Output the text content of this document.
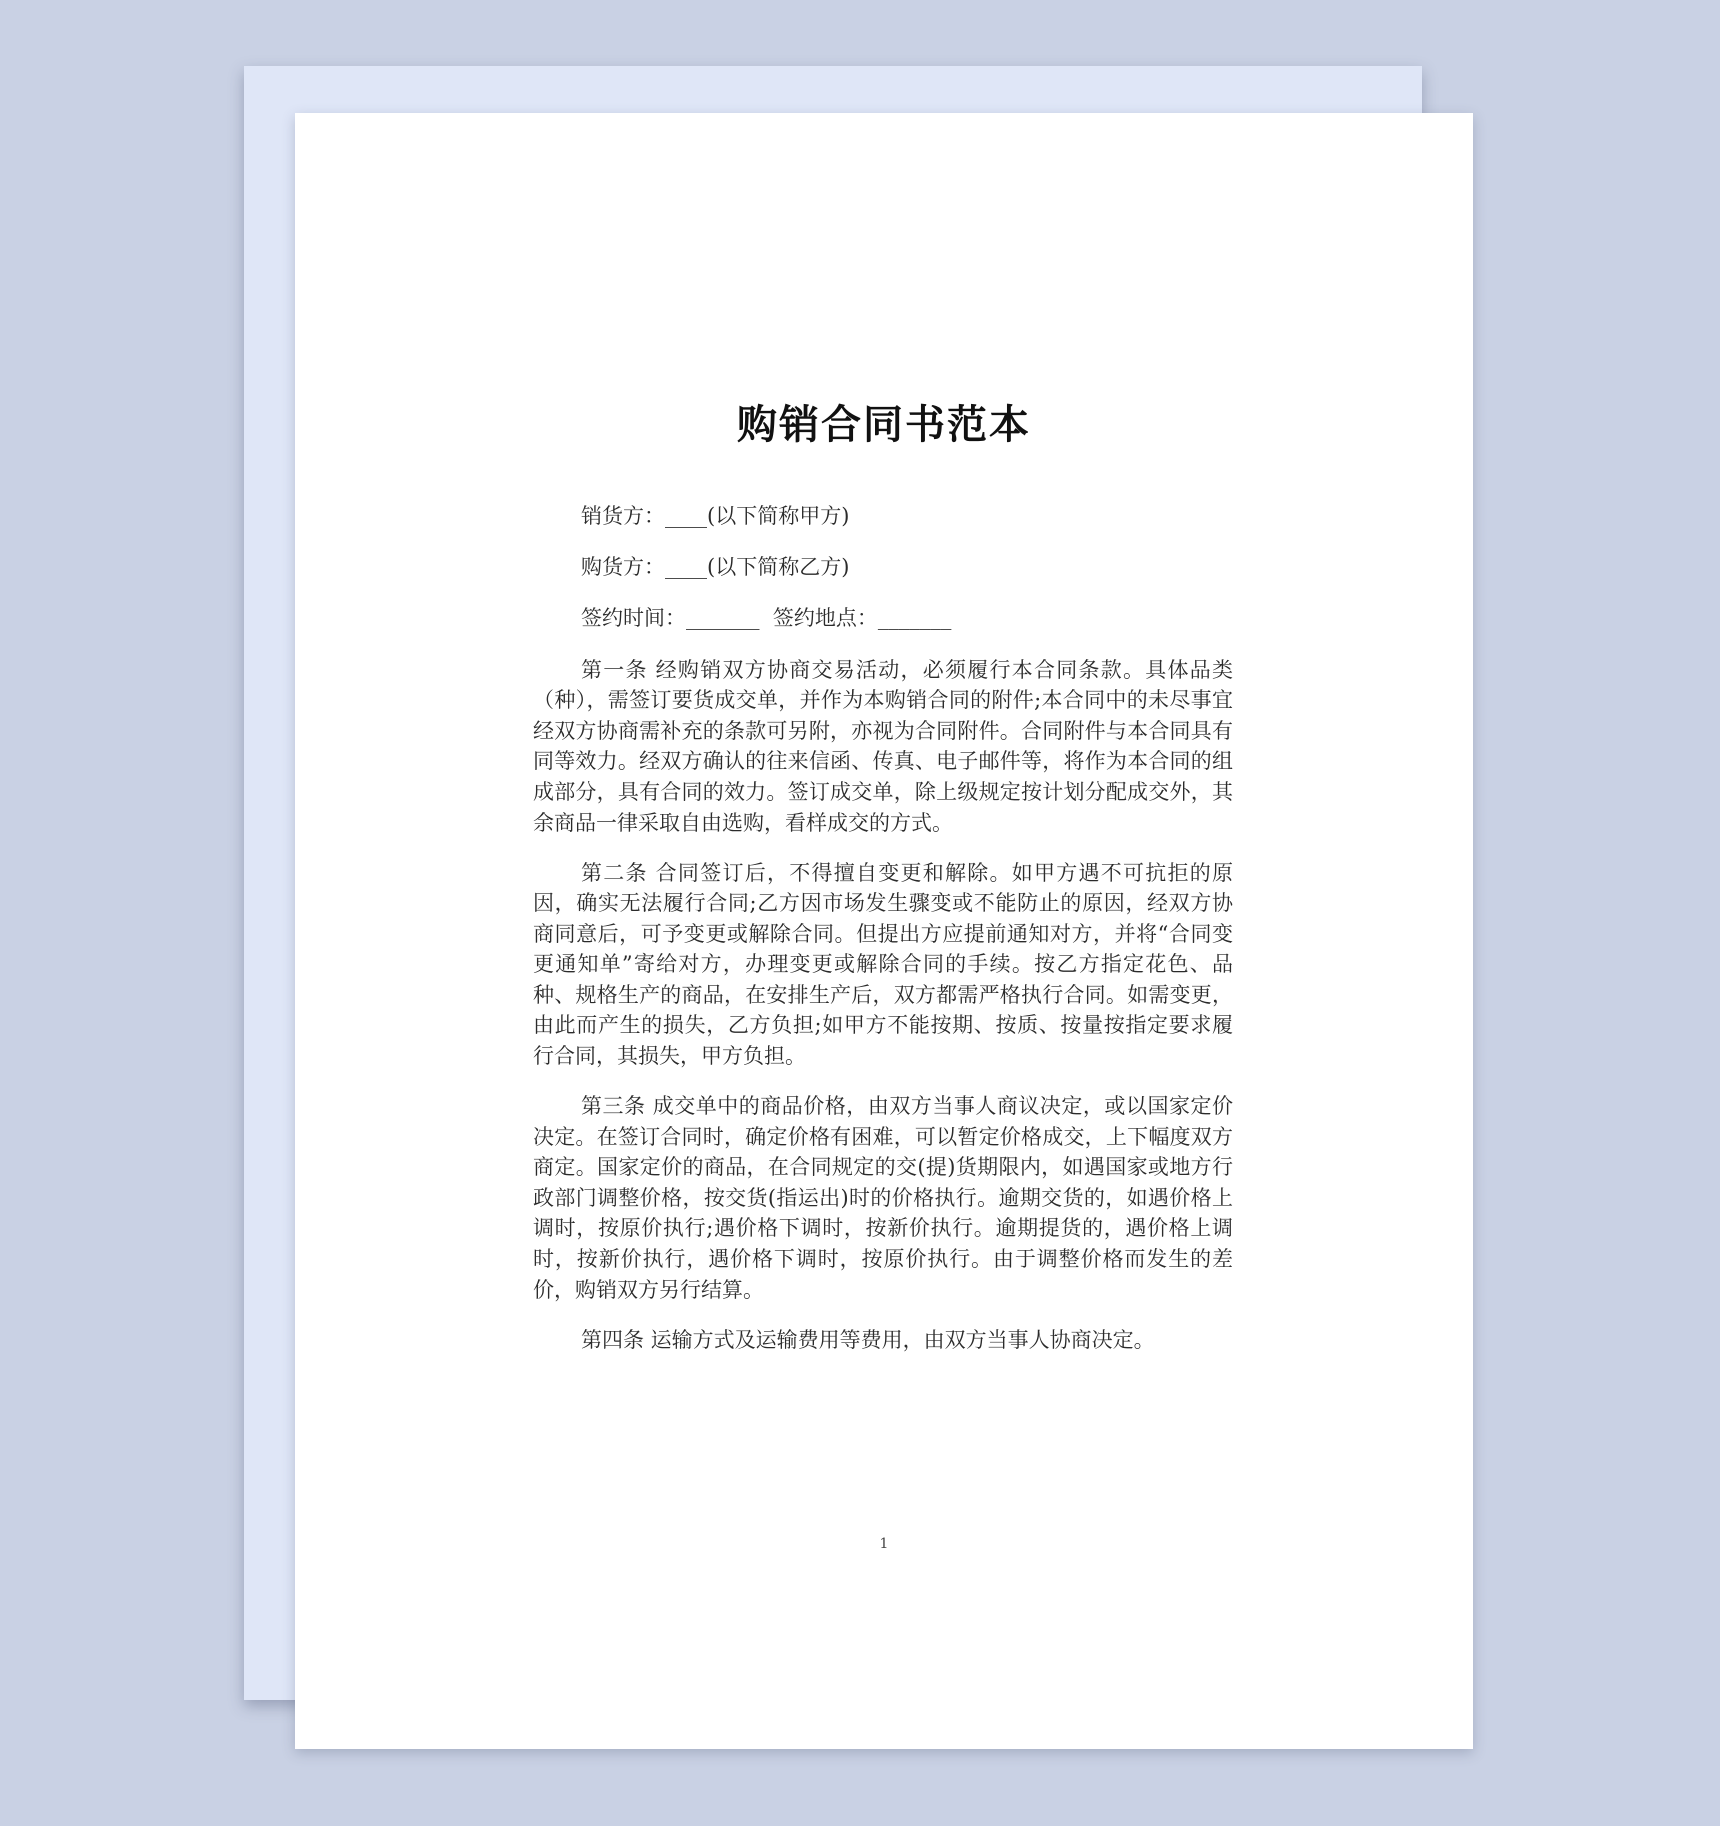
购销合同书范本

销货方：____(以下简称甲方)

购货方：____(以下简称乙方)

签约时间：_______  签约地点：_______

第一条 经购销双方协商交易活动，必须履行本合同条款。具体品类（种），需签订要货成交单，并作为本购销合同的附件;本合同中的未尽事宜经双方协商需补充的条款可另附，亦视为合同附件。合同附件与本合同具有同等效力。经双方确认的往来信函、传真、电子邮件等，将作为本合同的组成部分，具有合同的效力。签订成交单，除上级规定按计划分配成交外，其余商品一律采取自由选购，看样成交的方式。

第二条 合同签订后，不得擅自变更和解除。如甲方遇不可抗拒的原因，确实无法履行合同;乙方因市场发生骤变或不能防止的原因，经双方协商同意后，可予变更或解除合同。但提出方应提前通知对方，并将“合同变更通知单”寄给对方，办理变更或解除合同的手续。按乙方指定花色、品种、规格生产的商品，在安排生产后，双方都需严格执行合同。如需变更，由此而产生的损失，乙方负担;如甲方不能按期、按质、按量按指定要求履行合同，其损失，甲方负担。

第三条 成交单中的商品价格，由双方当事人商议决定，或以国家定价决定。在签订合同时，确定价格有困难，可以暂定价格成交，上下幅度双方商定。国家定价的商品，在合同规定的交(提)货期限内，如遇国家或地方行政部门调整价格，按交货(指运出)时的价格执行。逾期交货的，如遇价格上调时，按原价执行;遇价格下调时，按新价执行。逾期提货的，遇价格上调时，按新价执行，遇价格下调时，按原价执行。由于调整价格而发生的差价，购销双方另行结算。

第四条 运输方式及运输费用等费用，由双方当事人协商决定。

1
